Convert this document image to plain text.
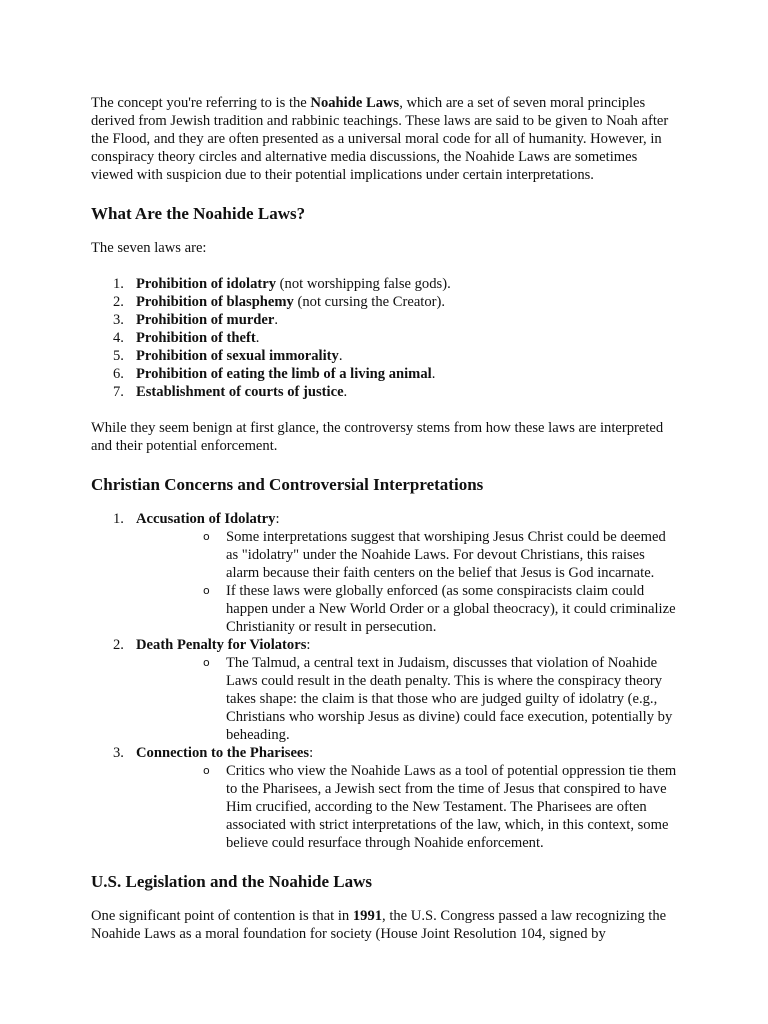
The concept you're referring to is the Noahide Laws, which are a set of seven moral principles derived from Jewish tradition and rabbinic teachings. These laws are said to be given to Noah after the Flood, and they are often presented as a universal moral code for all of humanity. However, in conspiracy theory circles and alternative media discussions, the Noahide Laws are sometimes viewed with suspicion due to their potential implications under certain interpretations.

What Are the Noahide Laws?

The seven laws are:

1. Prohibition of idolatry (not worshipping false gods).
2. Prohibition of blasphemy (not cursing the Creator).
3. Prohibition of murder.
4. Prohibition of theft.
5. Prohibition of sexual immorality.
6. Prohibition of eating the limb of a living animal.
7. Establishment of courts of justice.

While they seem benign at first glance, the controversy stems from how these laws are interpreted and their potential enforcement.

Christian Concerns and Controversial Interpretations
1. Accusation of Idolatry:
o Some interpretations suggest that worshiping Jesus Christ could be deemed as "idolatry" under the Noahide Laws. For devout Christians, this raises alarm because their faith centers on the belief that Jesus is God incarnate.
o If these laws were globally enforced (as some conspiracists claim could happen under a New World Order or a global theocracy), it could criminalize Christianity or result in persecution.
2. Death Penalty for Violators:
o The Talmud, a central text in Judaism, discusses that violation of Noahide Laws could result in the death penalty. This is where the conspiracy theory takes shape: the claim is that those who are judged guilty of idolatry (e.g., Christians who worship Jesus as divine) could face execution, potentially by beheading.
3. Connection to the Pharisees:
o Critics who view the Noahide Laws as a tool of potential oppression tie them to the Pharisees, a Jewish sect from the time of Jesus that conspired to have Him crucified, according to the New Testament. The Pharisees are often associated with strict interpretations of the law, which, in this context, some believe could resurface through Noahide enforcement.
U.S. Legislation and the Noahide Laws

One significant point of contention is that in 1991, the U.S. Congress passed a law recognizing the Noahide Laws as a moral foundation for society (House Joint Resolution 104, signed by
